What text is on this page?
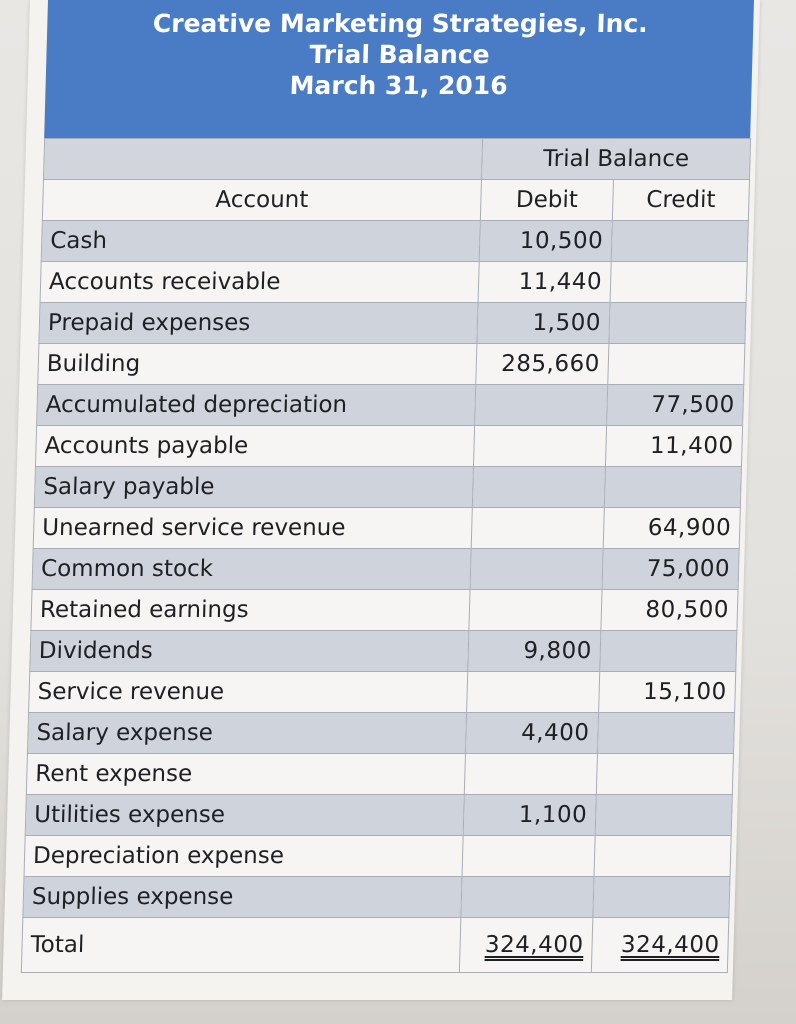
Creative Marketing Strategies, Inc.
Trial Balance
March 31, 2016
	Trial Balance	
Account	Debit	Credit
Cash	10,500	
Accounts receivable	11,440	
Prepaid expenses	1,500	
Building	285,660	
Accumulated depreciation		77,500
Accounts payable		11,400
Salary payable		
Unearned service revenue		64,900
Common stock		75,000
Retained earnings		80,500
Dividends	9,800	
Service revenue		15,100
Salary expense	4,400	
Rent expense		
Utilities expense	1,100	
Depreciation expense		
Supplies expense		
Total	324,400	324,400
